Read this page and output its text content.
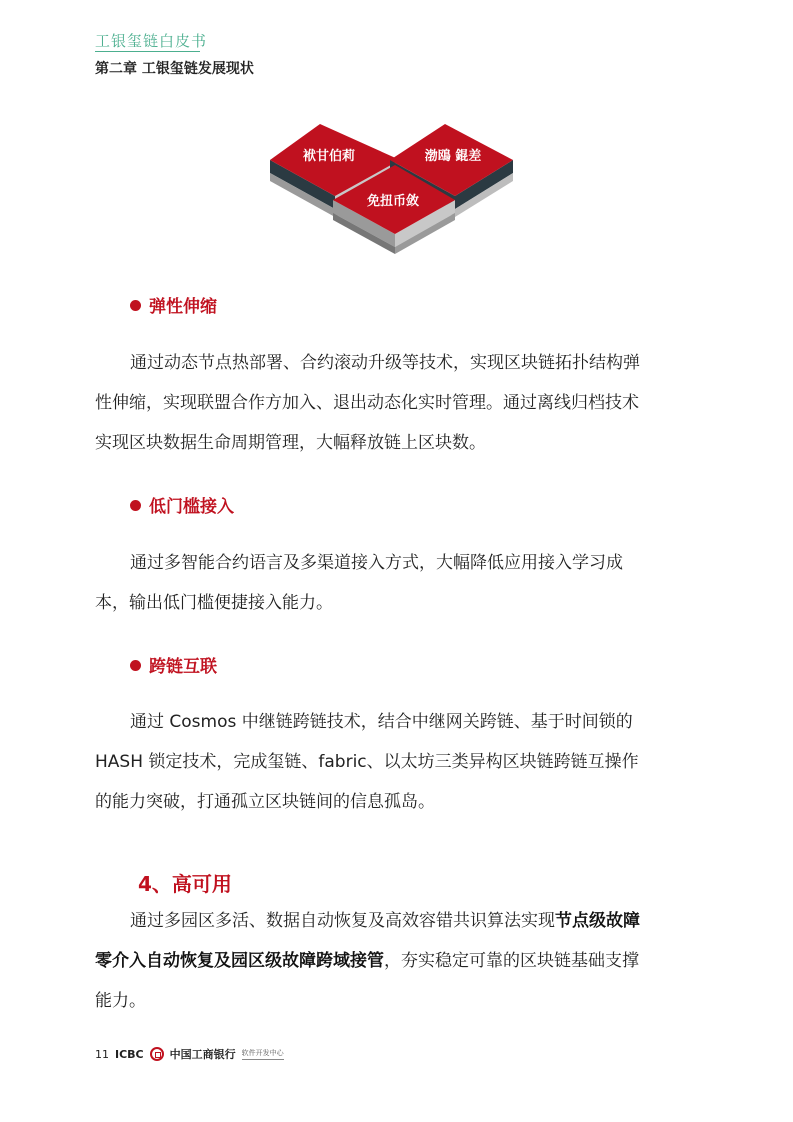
工银玺链白皮书
第二章 工银玺链发展现状
袱甘伯莉	渤鴎 錕差
免扭币敛
弹性伸缩
通过动态节点热部署、合约滚动升级等技术，实现区块链拓扑结构弹
性伸缩，实现联盟合作方加入、退出动态化实时管理。通过离线归档技术
实现区块数据生命周期管理，大幅释放链上区块数。
低门槛接入
通过多智能合约语言及多渠道接入方式，大幅降低应用接入学习成
本，输出低门槛便捷接入能力。
跨链互联
通过 Cosmos 中继链跨链技术，结合中继网关跨链、基于时间锁的
HASH 锁定技术，完成玺链、fabric、以太坊三类异构区块链跨链互操作
的能力突破，打通孤立区块链间的信息孤岛。
4、高可用
通过多园区多活、数据自动恢复及高效容错共识算法实现节点级故障
零介入自动恢复及园区级故障跨域接管，夯实稳定可靠的区块链基础支撑
能力。
11 ICBC 中国工商银行 软件开发中心
